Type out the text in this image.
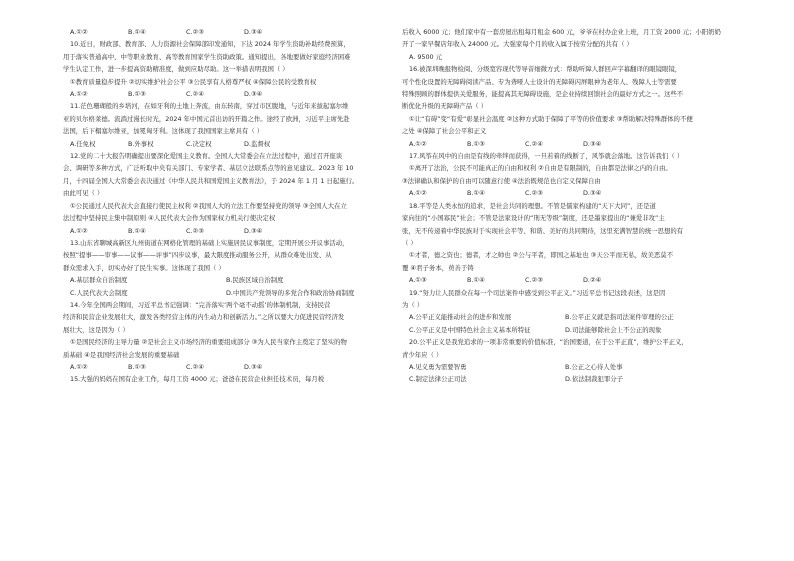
A.①②	B.①④	C.②③	D.③④
10.近日，财政部、教育部、人力资源社会保障部印发通知，下达 2024 年学生资助补助经费预算，
用于落实普通高中、中等职业教育、高等教育国家学生资助政策。通知提出，各地要做好家庭经济困难
学生认定工作，进一步提高资助精准度，做到应助尽助。这一举措表明我国（ ）
①教育质量稳步提升 ②切实维护社会公平 ③公民享有人格尊严权 ④保障公民的受教育权
A.①②	B.①③	C.②④	D.③④
11.茫色珊瑚般的乡培河，在如牙利的土地上奔流，由东转南，穿过市区腹地，与近年来拔起塞尔维
亚的贝尔格莱德。流淌过漫长时光，2024 年中国元首出访的开篇之作。途经了欧洲，习近平主席先赴
法国，后下榻塞尔维亚，加冕匈牙利。这体现了我国国家主席具有（ ）
A.任免权	B.外事权	C.决定权	D.监督权
12.党的二十大报告明确提出要深化爱国主义教育。全国人大常委会在立法过程中，通过召开座谈
会、调研等多种方式，广泛听取中央有关部门、专家学者、基层立法联系点等的意见建议。2023 年 10
月，十四届全国人大常委会表决通过《中华人民共和国爱国主义教育法》，于 2024 年 1 月 1 日起施行。
由此可见（ ）
①公民通过人民代表大会直接行使民主权利 ②我国人大的立法工作要坚持党的领导 ③全国人大在立
法过程中坚持民主集中制原则 ④人民代表大会作为国家权力机关行使决定权
A.①②	B.①④	C.②③	D.③④
13.山东省聊城高新区九州街道在网格化管理的基础上实施居民议事制度，定期开展公开议事活动，
按照“提事——审事——议事——评事”四步议事，最大限度推动服务公开，从群众难处出发、从
群众需求入手，切实办好了民生实事。这体现了我国（ ）
A.基层群众自治制度	B.民族区域自治制度
C.人民代表大会制度	D.中国共产党领导的多党合作和政治协商制度
14.今年全国两会期间，习近平总书记强调：“完善落实‘两个毫不动摇’的体制机制，支持民营
经济和民营企业发展壮大，激发各类经营主体的内生动力和创新活力。”之所以要大力促进民营经济发
展壮大，这是因为（ ）
①是国民经济的主导力量 ②是社会主义市场经济的重要组成部分 ③为人民当家作主奠定了坚实的物
质基础 ④是我国经济社会发展的重要基础
A.①②	B.①③	C.②④	D.③④
15.大强的妈妈在国有企业工作，每月工资 4000 元；爸爸在民营企业担任技术员，每月税
后收入 6000 元；他们家中有一套房屋出租每月租金 600 元，爷爷在村办企业上班，月工资 2000 元；小阳奶奶
开了一家早餐店年收入 24000 元。大强家每个月的收入属于按劳分配的共有（ ）
A. 9500 元
16.被深圳晚报物检阅、分级宽容现代等导音细微方式：帮助听障人群回声字幕翻译的眼镜眼镜，
可个性化设置的无障碍阅读产品、专为聋哑人士设计的无障碍闪屏眼神为老年人、残障人士等需要
特殊照顾的群体提供关爱服务，能提高其无障碍设施，是企业持续回馈社会的最好方式之一。这些不
断优化升级的无障碍产品（ ）
①让“有碍”变“有爱”彰显社会温度 ②这种方式助于保障了平等的价值要求 ③帮助解决特殊群体的不便
之处 ④保障了社会公平和正义
A.①②	B.①③	C.②④	D.③④
17.风筝在风中的自由是有线的牵绊而获得，一旦若着的线断了，风筝就会落地。这告诉我们（ ）
①离开了法治，公民不可能真正的自由和权利 ②自由是有限制的，自由都是法律之内的自由。
③法律确认和保护的自由可以随意行使 ④法治既规范也自定义保障自由
A.①②	B.①④	C.②③	D.③④
18.平等是人类永恒的追求，是社会共同的理想。不管是儒家构建的“天下大同”，还是道
家向往的“小国寡民”社会；不管是法家设计的“刑无等级”制度，还是墨家提出的“兼爱非攻”主
张，无不传递着中华民族对于实现社会平等、和谐、美好的共同期待，这里充满智慧的统一思想的有
（ ）
①才者，德之资也；德者，才之帅也 ②公与平者，即国之基址也 ③天公平而无私，故美恶莫不
覆 ④君子务本，萸善于铸
A.①③	B.①④	C.②③	D.②④
19.“努力让人民群众在每一个司法案件中感受到公平正义。”习近平总书记这段表述，这是因
为（ ）
A.公平正义能推动社会的进步和发展	B.公平正义就是指司法案件审理的公正
C.公平正义是中国特色社会主义基本所特征	D.司法能够除社会上不公正的现象
20.公平正义是我党追求的一项非常重要的价值标准，“治国要道，在于公平正直”，维护公平正义，
青少年应（ ）
A.见义勇为需要智勇	B.公正之心待人处事
C.制定法律公正司法	D.依法制裁犯罪分子
